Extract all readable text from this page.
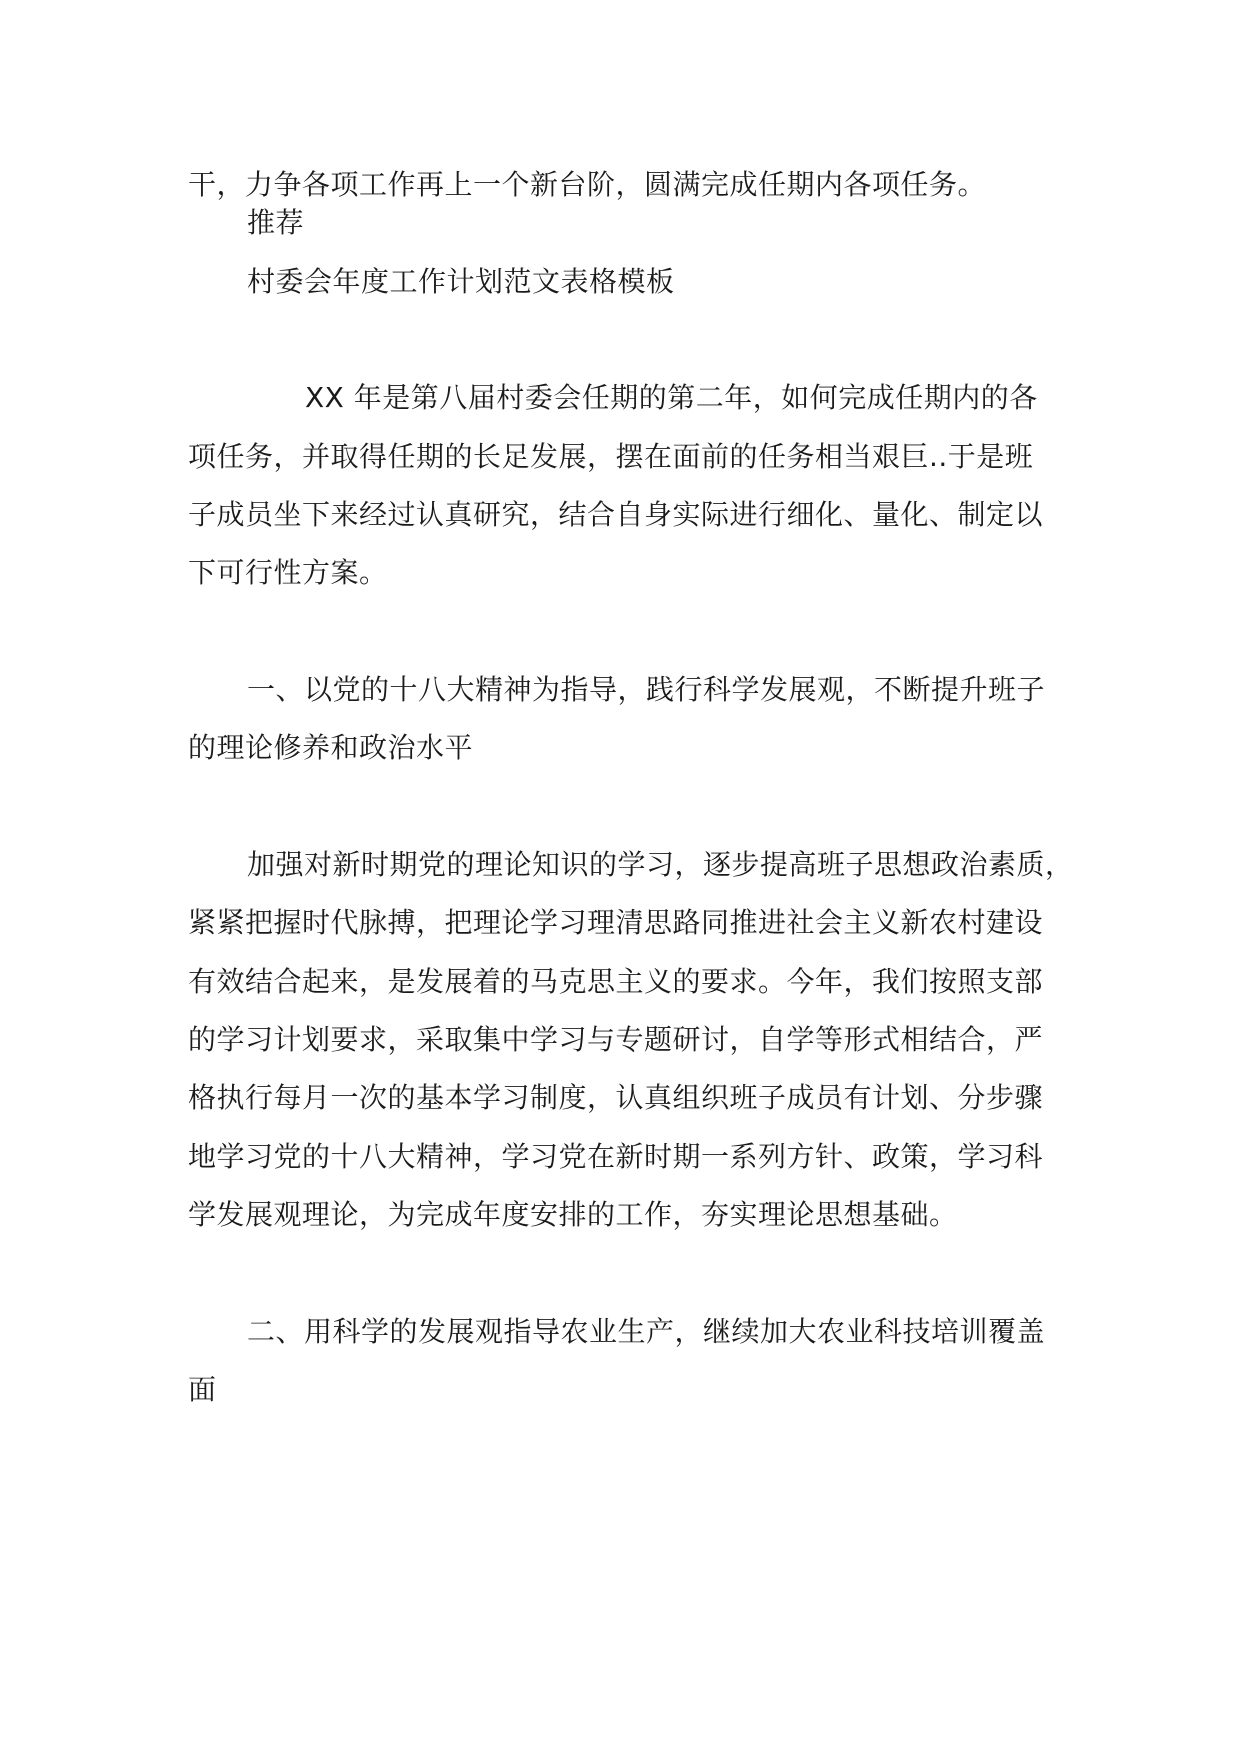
干，力争各项工作再上一个新台阶，圆满完成任期内各项任务。
推荐
村委会年度工作计划范文表格模板
XX 年是第八届村委会任期的第二年，如何完成任期内的各
项任务，并取得任期的长足发展，摆在面前的任务相当艰巨..于是班
子成员坐下来经过认真研究，结合自身实际进行细化、量化、制定以
下可行性方案。
一、以党的十八大精神为指导，践行科学发展观，不断提升班子
的理论修养和政治水平
加强对新时期党的理论知识的学习，逐步提高班子思想政治素质，
紧紧把握时代脉搏，把理论学习理清思路同推进社会主义新农村建设
有效结合起来，是发展着的马克思主义的要求。今年，我们按照支部
的学习计划要求，采取集中学习与专题研讨，自学等形式相结合，严
格执行每月一次的基本学习制度，认真组织班子成员有计划、分步骤
地学习党的十八大精神，学习党在新时期一系列方针、政策，学习科
学发展观理论，为完成年度安排的工作，夯实理论思想基础。
二、用科学的发展观指导农业生产，继续加大农业科技培训覆盖
面
